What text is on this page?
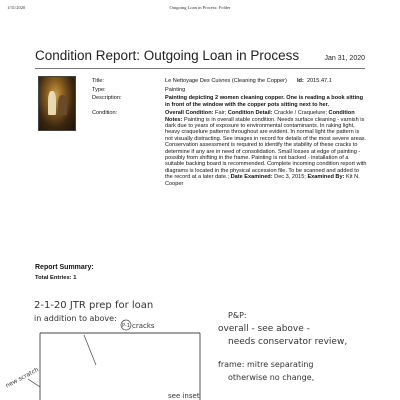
1/31/2020	Outgoing Loan in Process: Folder
Condition Report: Outgoing Loan in Process	Jan 31, 2020
Title:	Le Nettoyage Des Cuivres (Cleaning the Copper)	Id: 2015.47.1
Type:	Painting
Description:	Painting depicting 2 women cleaning copper. One is reading a book sitting in front of the window with the copper pots sitting next to her.
Condition:	Overall Condition: Fair; Condition Detail: Crackle / Craquelure; Condition Notes: Painting is in overall stable condition. Needs surface cleaning - varnish is dark due to years of exposure to environmental contaminants. In raking light, heavy craquelure patterns throughout are evident. In normal light the pattern is not visually distracting. See images in record for details of the most severe areas. Conservation assessment is required to identify the stability of these cracks to determine if any are in need of consolidation. Small losses at edge of painting - possibly from shifting in the frame. Painting is not backed - installation of a suitable backing board is recommended. Complete incoming condition report with diagrams is located in the physical accession file. To be scanned and added to the record at a later date.; Date Examined: Dec 3, 2015; Examined By: Kit N. Cooper
Report Summary:
Total Entries: 1
2-1-20 JTR prep for loan
in addition to above:
P-1 cracks
P&P:
overall - see above -
needs conservator review,
frame: mitre separating
otherwise no change,
new scratch
see inset
